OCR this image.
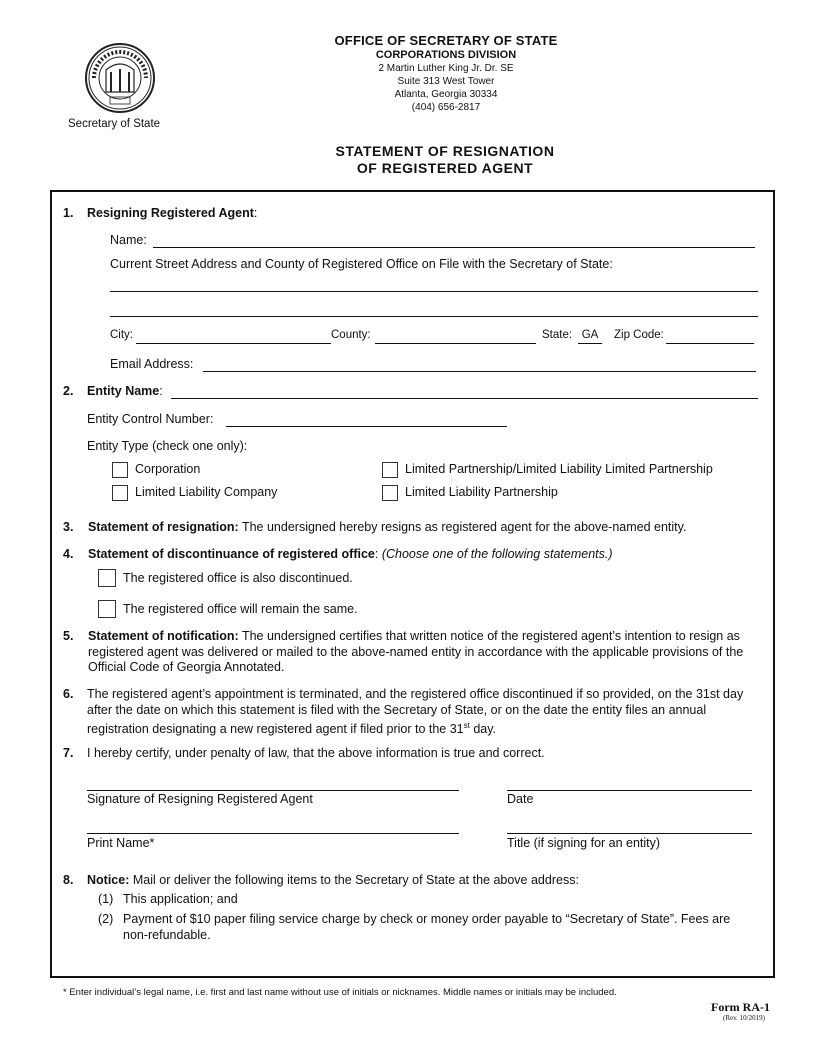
Secretary of State
OFFICE OF SECRETARY OF STATE
CORPORATIONS DIVISION
2 Martin Luther King Jr. Dr. SE
Suite 313 West Tower
Atlanta, Georgia 30334
(404) 656-2817
STATEMENT OF RESIGNATION
OF REGISTERED AGENT
1. Resigning Registered Agent:
Name:
Current Street Address and County of Registered Office on File with the Secretary of State:
City:	County:	State: GA	Zip Code:
Email Address:
2. Entity Name:
Entity Control Number:
Entity Type (check one only):
Corporation	Limited Partnership/Limited Liability Limited Partnership
Limited Liability Company	Limited Liability Partnership
3. Statement of resignation: The undersigned hereby resigns as registered agent for the above-named entity.
4. Statement of discontinuance of registered office: (Choose one of the following statements.)
The registered office is also discontinued.
The registered office will remain the same.
5. Statement of notification: The undersigned certifies that written notice of the registered agent’s intention to resign as registered agent was delivered or mailed to the above-named entity in accordance with the applicable provisions of the Official Code of Georgia Annotated.
6. The registered agent’s appointment is terminated, and the registered office discontinued if so provided, on the 31st day after the date on which this statement is filed with the Secretary of State, or on the date the entity files an annual registration designating a new registered agent if filed prior to the 31st day.
7. I hereby certify, under penalty of law, that the above information is true and correct.
Signature of Resigning Registered Agent	Date
Print Name*	Title (if signing for an entity)
8. Notice: Mail or deliver the following items to the Secretary of State at the above address:
(1) This application; and
(2) Payment of $10 paper filing service charge by check or money order payable to “Secretary of State”. Fees are non-refundable.
* Enter individual’s legal name, i.e. first and last name without use of initials or nicknames. Middle names or initials may be included.
Form RA-1
(Rev. 10/2019)
